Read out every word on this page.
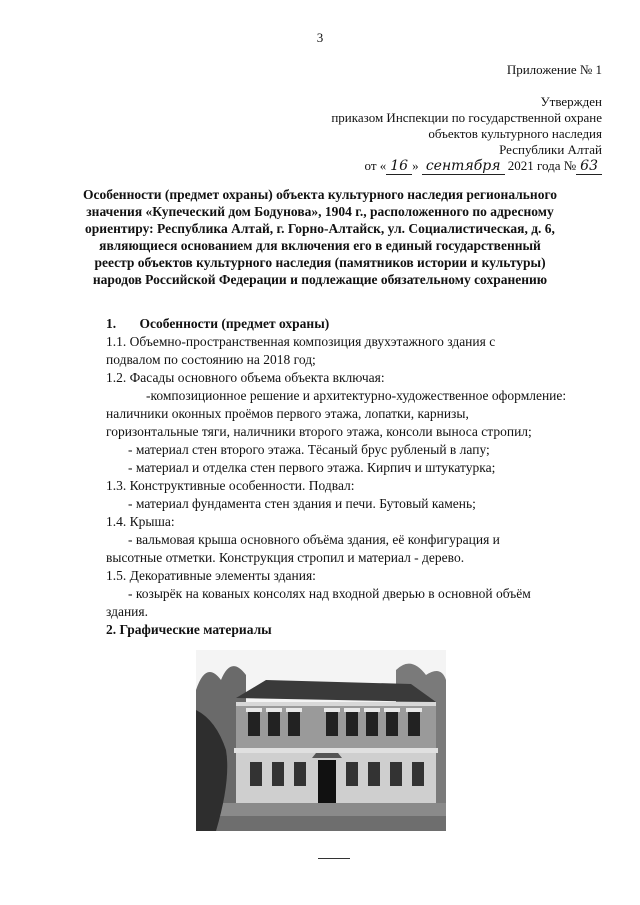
3
Приложение № 1
Утвержден
приказом Инспекции по государственной охране
объектов культурного наследия
Республики Алтай
от « 16 » сентября 2021 года № 63
Особенности (предмет охраны) объекта культурного наследия регионального
значения «Купеческий дом Бодунова», 1904 г., расположенного по адресному
ориентиру: Республика Алтай, г. Горно-Алтайск, ул. Социалистическая, д. 6,
являющиеся основанием для включения его в единый государственный
реестр объектов культурного наследия (памятников истории и культуры)
народов Российской Федерации и подлежащие обязательному сохранению
1. Особенности (предмет охраны)
1.1. Объемно-пространственная композиция двухэтажного здания с
подвалом по состоянию на 2018 год;
1.2. Фасады основного объема объекта включая:
-композиционное решение и архитектурно-художественное оформление:
наличники оконных проёмов первого этажа, лопатки, карнизы,
горизонтальные тяги, наличники второго этажа, консоли выноса стропил;
- материал стен второго этажа. Тёсаный брус рубленый в лапу;
- материал и отделка стен первого этажа. Кирпич и штукатурка;
1.3. Конструктивные особенности. Подвал:
- материал фундамента стен здания и печи. Бутовый камень;
1.4. Крыша:
- вальмовая крыша основного объёма здания, её конфигурация и
высотные отметки. Конструкция стропил и материал - дерево.
1.5. Декоративные элементы здания:
- козырёк на кованых консолях над входной дверью в основной объём
здания.
2. Графические материалы
